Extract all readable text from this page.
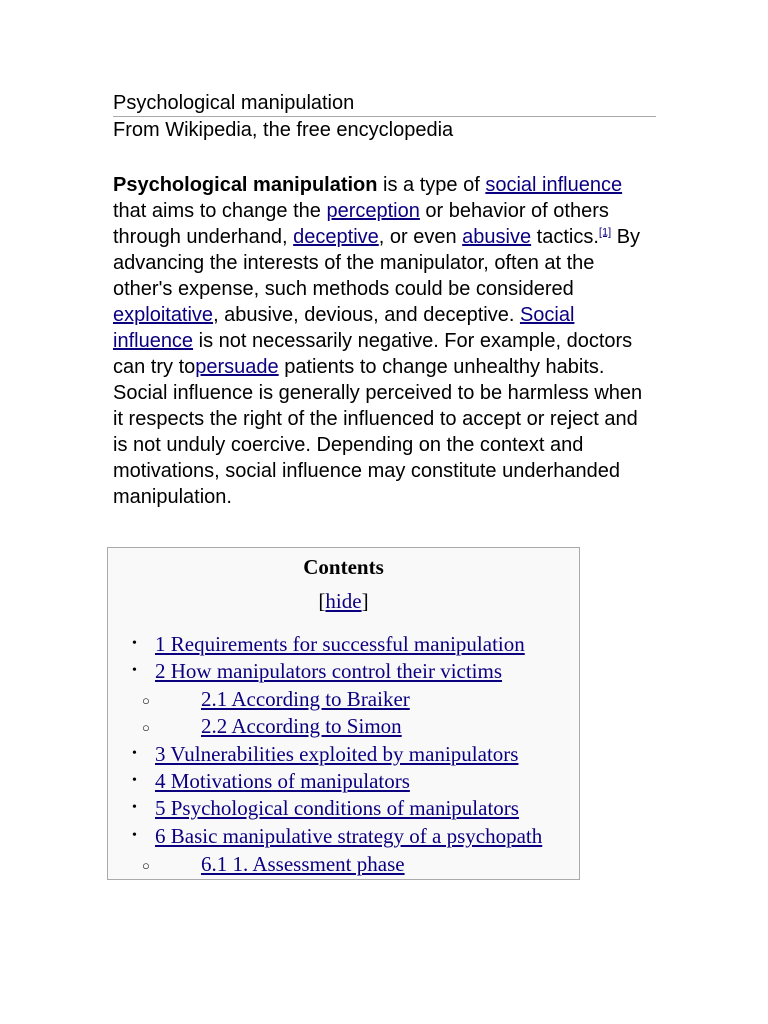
Psychological manipulation
From Wikipedia, the free encyclopedia

Psychological manipulation is a type of social influence that aims to change the perception or behavior of others through underhand, deceptive, or even abusive tactics.[1] By advancing the interests of the manipulator, often at the other's expense, such methods could be considered exploitative, abusive, devious, and deceptive. Social influence is not necessarily negative. For example, doctors can try topersuade patients to change unhealthy habits. Social influence is generally perceived to be harmless when it respects the right of the influenced to accept or reject and is not unduly coercive. Depending on the context and motivations, social influence may constitute underhanded manipulation.

Contents
[hide]
• 1 Requirements for successful manipulation
• 2 How manipulators control their victims
○ 2.1 According to Braiker
○ 2.2 According to Simon
• 3 Vulnerabilities exploited by manipulators
• 4 Motivations of manipulators
• 5 Psychological conditions of manipulators
• 6 Basic manipulative strategy of a psychopath
○ 6.1 1. Assessment phase
